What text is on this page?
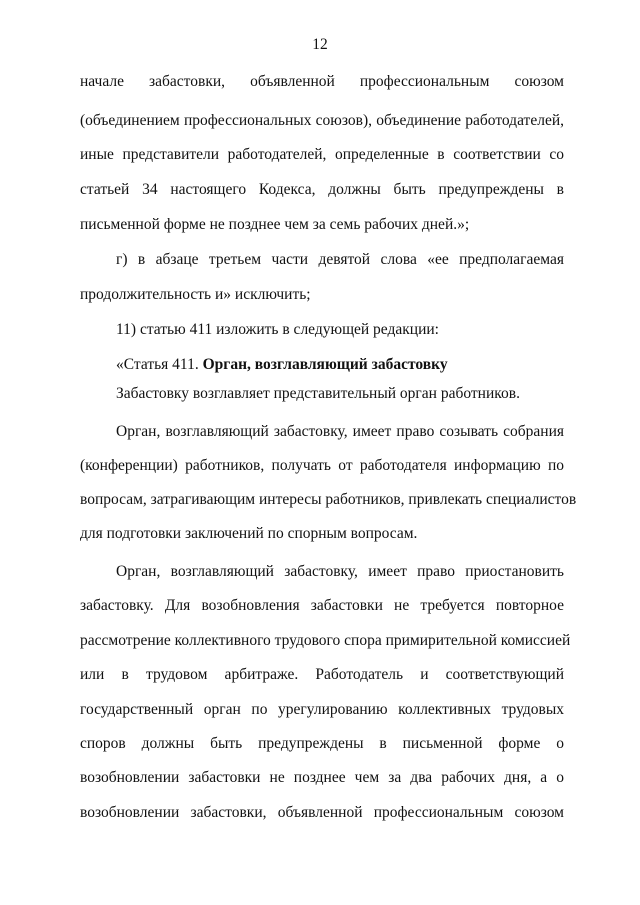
12
начале забастовки, объявленной профессиональным союзом
(объединением профессиональных союзов), объединение работодателей,
иные представители работодателей, определенные в соответствии со
статьей 34 настоящего Кодекса, должны быть предупреждены в
письменной форме не позднее чем за семь рабочих дней.»;
г) в абзаце третьем части девятой слова «ее предполагаемая
продолжительность и» исключить;
11) статью 411 изложить в следующей редакции:
«Статья 411. Орган, возглавляющий забастовку
Забастовку возглавляет представительный орган работников.
Орган, возглавляющий забастовку, имеет право созывать собрания
(конференции) работников, получать от работодателя информацию по
вопросам, затрагивающим интересы работников, привлекать специалистов
для подготовки заключений по спорным вопросам.
Орган, возглавляющий забастовку, имеет право приостановить
забастовку. Для возобновления забастовки не требуется повторное
рассмотрение коллективного трудового спора примирительной комиссией
или в трудовом арбитраже. Работодатель и соответствующий
государственный орган по урегулированию коллективных трудовых
споров должны быть предупреждены в письменной форме о
возобновлении забастовки не позднее чем за два рабочих дня, а о
возобновлении забастовки, объявленной профессиональным союзом
